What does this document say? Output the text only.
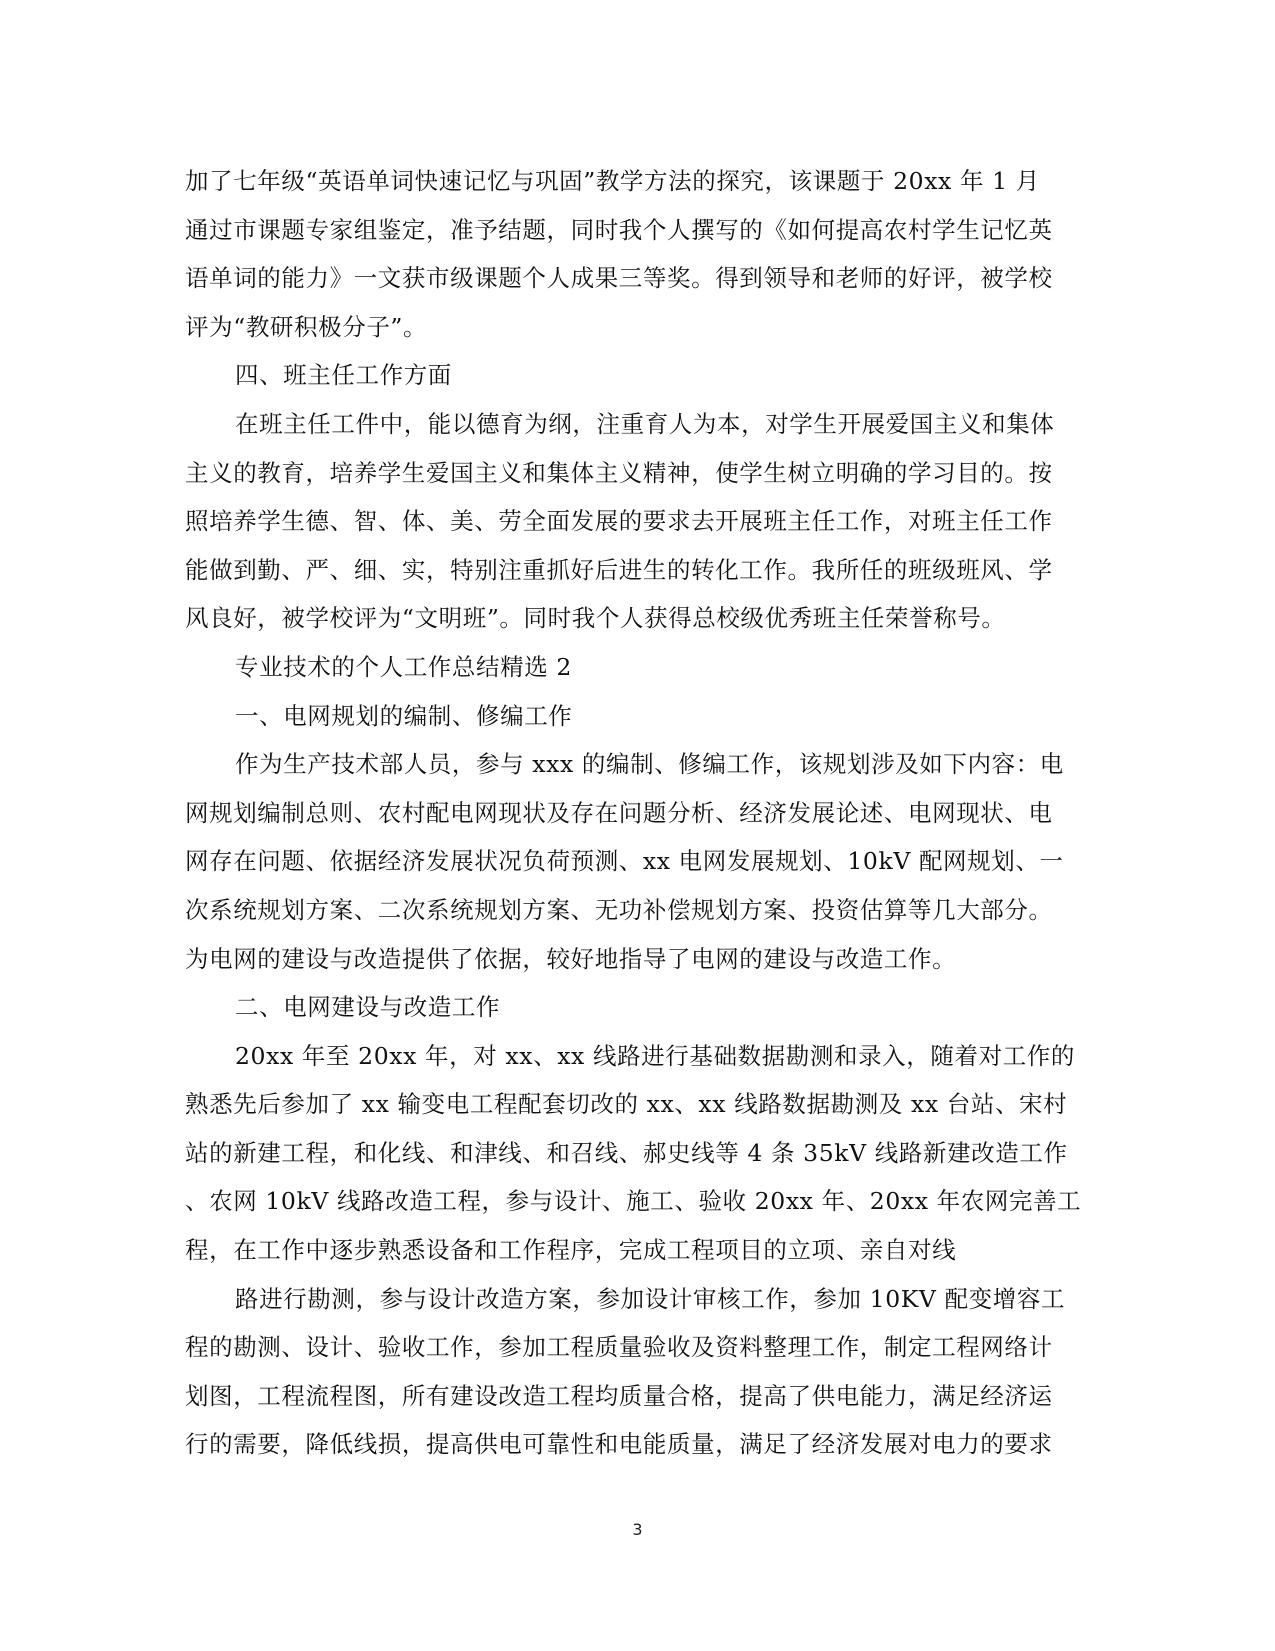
加了七年级“英语单词快速记忆与巩固”教学方法的探究，该课题于 20xx 年 1 月
通过市课题专家组鉴定，准予结题，同时我个人撰写的《如何提高农村学生记忆英
语单词的能力》一文获市级课题个人成果三等奖。得到领导和老师的好评，被学校
评为“教研积极分子”。
四、班主任工作方面
在班主任工件中，能以德育为纲，注重育人为本，对学生开展爱国主义和集体
主义的教育，培养学生爱国主义和集体主义精神，使学生树立明确的学习目的。按
照培养学生德、智、体、美、劳全面发展的要求去开展班主任工作，对班主任工作
能做到勤、严、细、实，特别注重抓好后进生的转化工作。我所任的班级班风、学
风良好，被学校评为“文明班”。同时我个人获得总校级优秀班主任荣誉称号。
专业技术的个人工作总结精选 2
一、电网规划的编制、修编工作
作为生产技术部人员，参与 xxx 的编制、修编工作，该规划涉及如下内容：电
网规划编制总则、农村配电网现状及存在问题分析、经济发展论述、电网现状、电
网存在问题、依据经济发展状况负荷预测、xx 电网发展规划、10kV 配网规划、一
次系统规划方案、二次系统规划方案、无功补偿规划方案、投资估算等几大部分。
为电网的建设与改造提供了依据，较好地指导了电网的建设与改造工作。
二、电网建设与改造工作
20xx 年至 20xx 年，对 xx、xx 线路进行基础数据勘测和录入，随着对工作的
熟悉先后参加了 xx 输变电工程配套切改的 xx、xx 线路数据勘测及 xx 台站、宋村
站的新建工程，和化线、和津线、和召线、郝史线等 4 条 35kV 线路新建改造工作
、农网 10kV 线路改造工程，参与设计、施工、验收 20xx 年、20xx 年农网完善工
程，在工作中逐步熟悉设备和工作程序，完成工程项目的立项、亲自对线
路进行勘测，参与设计改造方案，参加设计审核工作，参加 10KV 配变增容工
程的勘测、设计、验收工作，参加工程质量验收及资料整理工作，制定工程网络计
划图，工程流程图，所有建设改造工程均质量合格，提高了供电能力，满足经济运
行的需要，降低线损，提高供电可靠性和电能质量，满足了经济发展对电力的要求
3
